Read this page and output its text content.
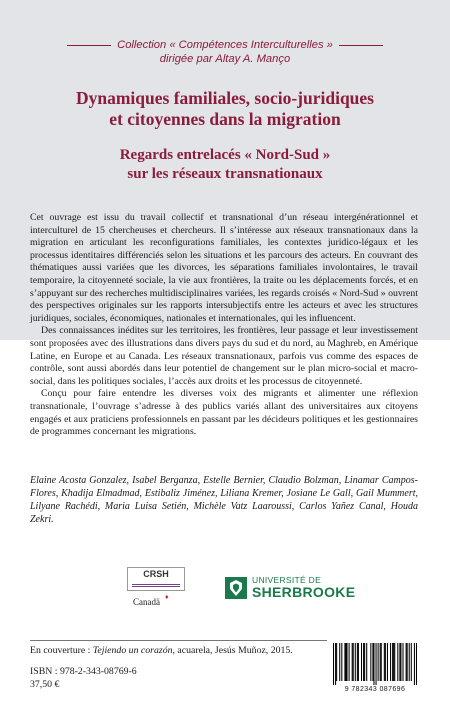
Collection « Compétences Interculturelles »
dirigée par Altay A. Manço
Dynamiques familiales, socio-juridiques
et citoyennes dans la migration
Regards entrelacés « Nord-Sud »
sur les réseaux transnationaux

Cet ouvrage est issu du travail collectif et transnational d’un réseau intergénérationnel et interculturel de 15 chercheuses et chercheurs. Il s’intéresse aux réseaux transnationaux dans la migration en articulant les reconfigurations familiales, les contextes juridico-légaux et les processus identitaires différenciés selon les situations et les parcours des acteurs. En couvrant des thématiques aussi variées que les divorces, les séparations familiales involontaires, le travail temporaire, la citoyenneté sociale, la vie aux frontières, la traite ou les déplacements forcés, et en s’appuyant sur des recherches multidisciplinaires variées, les regards croisés « Nord-Sud » ouvrent des perspectives originales sur les rapports intersubjectifs entre les acteurs et avec les structures juridiques, sociales, économiques, nationales et internationales, qui les influencent.

Des connaissances inédites sur les territoires, les frontières, leur passage et leur investissement sont proposées avec des illustrations dans divers pays du sud et du nord, au Maghreb, en Amérique Latine, en Europe et au Canada. Les réseaux transnationaux, parfois vus comme des espaces de contrôle, sont aussi abordés dans leur potentiel de changement sur le plan micro-social et macro-social, dans les politiques sociales, l’accès aux droits et les processus de citoyenneté.

Conçu pour faire entendre les diverses voix des migrants et alimenter une réflexion transnationale, l’ouvrage s’adresse à des publics variés allant des universitaires aux citoyens engagés et aux praticiens professionnels en passant par les décideurs politiques et les gestionnaires de programmes concernant les migrations.

Elaine Acosta Gonzalez, Isabel Berganza, Estelle Bernier, Claudio Bolzman, Linamar Campos-Flores, Khadija Elmadmad, Estibaliz Jiménez, Liliana Kremer, Josiane Le Gall, Gail Mummert, Lilyane Rachédi, Maria Luisa Setién, Michèle Vatz Laaroussi, Carlos Yañez Canal, Houda Zekri.
CRSH
Canadä ♦
UNIVERSITÉ DE
SHERBROOKE
En couverture : Tejiendo un corazón, acuarela, Jesús Muñoz, 2015.
ISBN : 978-2-343-08769-6
37,50 €	9 782343 087696
